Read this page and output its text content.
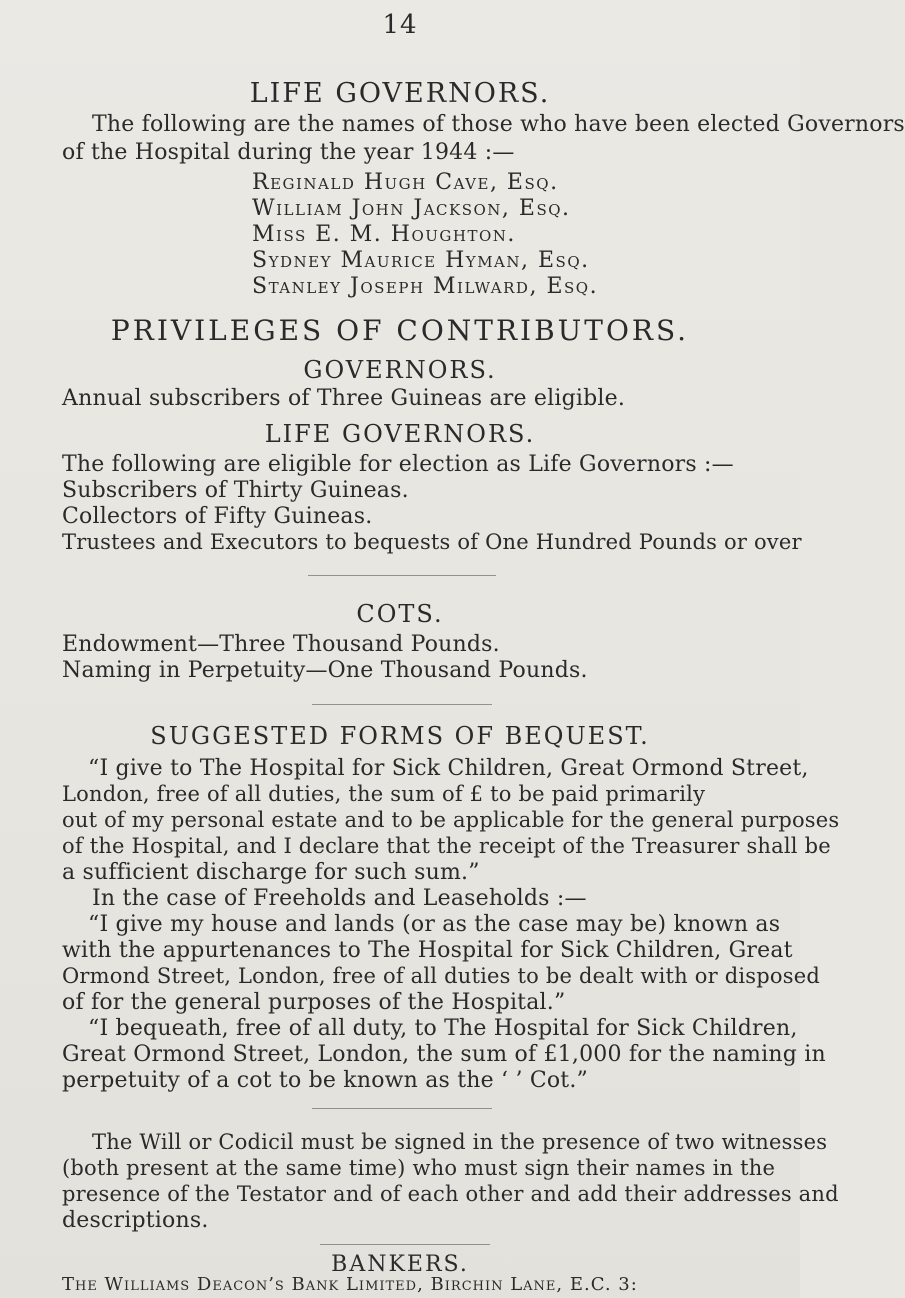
14
LIFE GOVERNORS.
The following are the names of those who have been elected Governors
of the Hospital during the year 1944 :—
Reginald Hugh Cave, Esq.
William John Jackson, Esq.
Miss E. M. Houghton.
Sydney Maurice Hyman, Esq.
Stanley Joseph Milward, Esq.
PRIVILEGES OF CONTRIBUTORS.
GOVERNORS.
Annual subscribers of Three Guineas are eligible.
LIFE GOVERNORS.
The following are eligible for election as Life Governors :—
Subscribers of Thirty Guineas.
Collectors of Fifty Guineas.
Trustees and Executors to bequests of One Hundred Pounds or over
COTS.
Endowment—Three Thousand Pounds.
Naming in Perpetuity—One Thousand Pounds.
SUGGESTED FORMS OF BEQUEST.
“I give to The Hospital for Sick Children, Great Ormond Street,
London, free of all duties, the sum of £ to be paid primarily
out of my personal estate and to be applicable for the general purposes
of the Hospital, and I declare that the receipt of the Treasurer shall be
a sufficient discharge for such sum.”
In the case of Freeholds and Leaseholds :—
“I give my house and lands (or as the case may be) known as
with the appurtenances to The Hospital for Sick Children, Great
Ormond Street, London, free of all duties to be dealt with or disposed
of for the general purposes of the Hospital.”
“I bequeath, free of all duty, to The Hospital for Sick Children,
Great Ormond Street, London, the sum of £1,000 for the naming in
perpetuity of a cot to be known as the ‘ ’ Cot.”
The Will or Codicil must be signed in the presence of two witnesses
(both present at the same time) who must sign their names in the
presence of the Testator and of each other and add their addresses and
descriptions.
BANKERS.
The Williams Deacon’s Bank Limited, Birchin Lane, E.C. 3:
